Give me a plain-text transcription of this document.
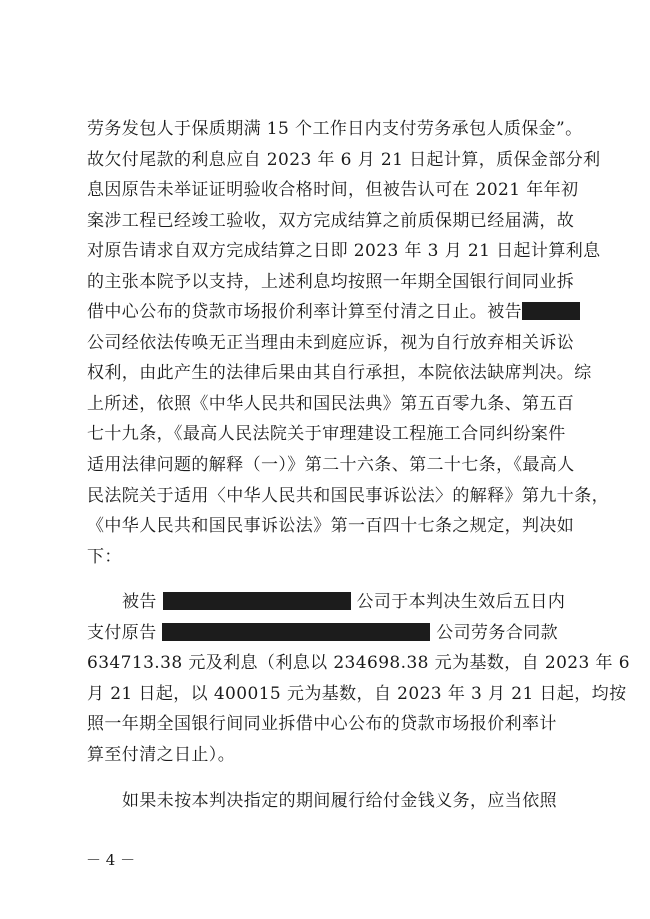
劳务发包人于保质期满 15 个工作日内支付劳务承包人质保金”。
故欠付尾款的利息应自 2023 年 6 月 21 日起计算，质保金部分利
息因原告未举证证明验收合格时间，但被告认可在 2021 年年初
案涉工程已经竣工验收，双方完成结算之前质保期已经届满，故
对原告请求自双方完成结算之日即 2023 年 3 月 21 日起计算利息
的主张本院予以支持，上述利息均按照一年期全国银行间同业拆
借中心公布的贷款市场报价利率计算至付清之日止。被告
公司经依法传唤无正当理由未到庭应诉，视为自行放弃相关诉讼
权利，由此产生的法律后果由其自行承担，本院依法缺席判决。综
上所述，依照《中华人民共和国民法典》第五百零九条、第五百
七十九条，《最高人民法院关于审理建设工程施工合同纠纷案件
适用法律问题的解释（一）》第二十六条、第二十七条，《最高人
民法院关于适用〈中华人民共和国民事诉讼法〉的解释》第九十条，
《中华人民共和国民事诉讼法》第一百四十七条之规定，判决如
下：
被告	公司于本判决生效后五日内
支付原告	公司劳务合同款
634713.38 元及利息（利息以 234698.38 元为基数，自 2023 年 6
月 21 日起，以 400015 元为基数，自 2023 年 3 月 21 日起，均按
照一年期全国银行间同业拆借中心公布的贷款市场报价利率计
算至付清之日止）。
如果未按本判决指定的期间履行给付金钱义务，应当依照
－ 4 －
